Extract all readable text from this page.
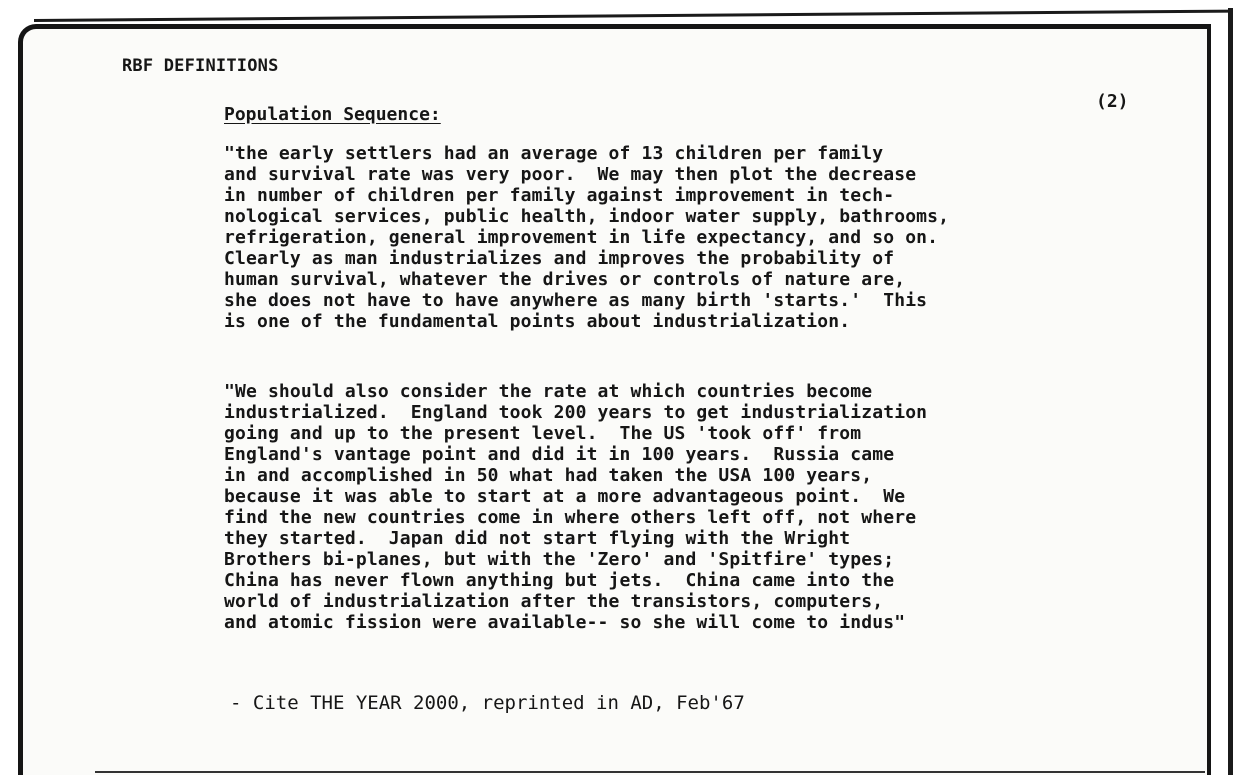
RBF DEFINITIONS
Population Sequence:
(2)
"the early settlers had an average of 13 children per family
and survival rate was very poor.  We may then plot the decrease
in number of children per family against improvement in tech-
nological services, public health, indoor water supply, bathrooms,
refrigeration, general improvement in life expectancy, and so on.
Clearly as man industrializes and improves the probability of
human survival, whatever the drives or controls of nature are,
she does not have to have anywhere as many birth 'starts.'  This
is one of the fundamental points about industrialization.
"We should also consider the rate at which countries become
industrialized.  England took 200 years to get industrialization
going and up to the present level.  The US 'took off' from
England's vantage point and did it in 100 years.  Russia came
in and accomplished in 50 what had taken the USA 100 years,
because it was able to start at a more advantageous point.  We
find the new countries come in where others left off, not where
they started.  Japan did not start flying with the Wright
Brothers bi-planes, but with the 'Zero' and 'Spitfire' types;
China has never flown anything but jets.  China came into the
world of industrialization after the transistors, computers,
and atomic fission were available-- so she will come to indus"
- Cite THE YEAR 2000, reprinted in AD, Feb'67
